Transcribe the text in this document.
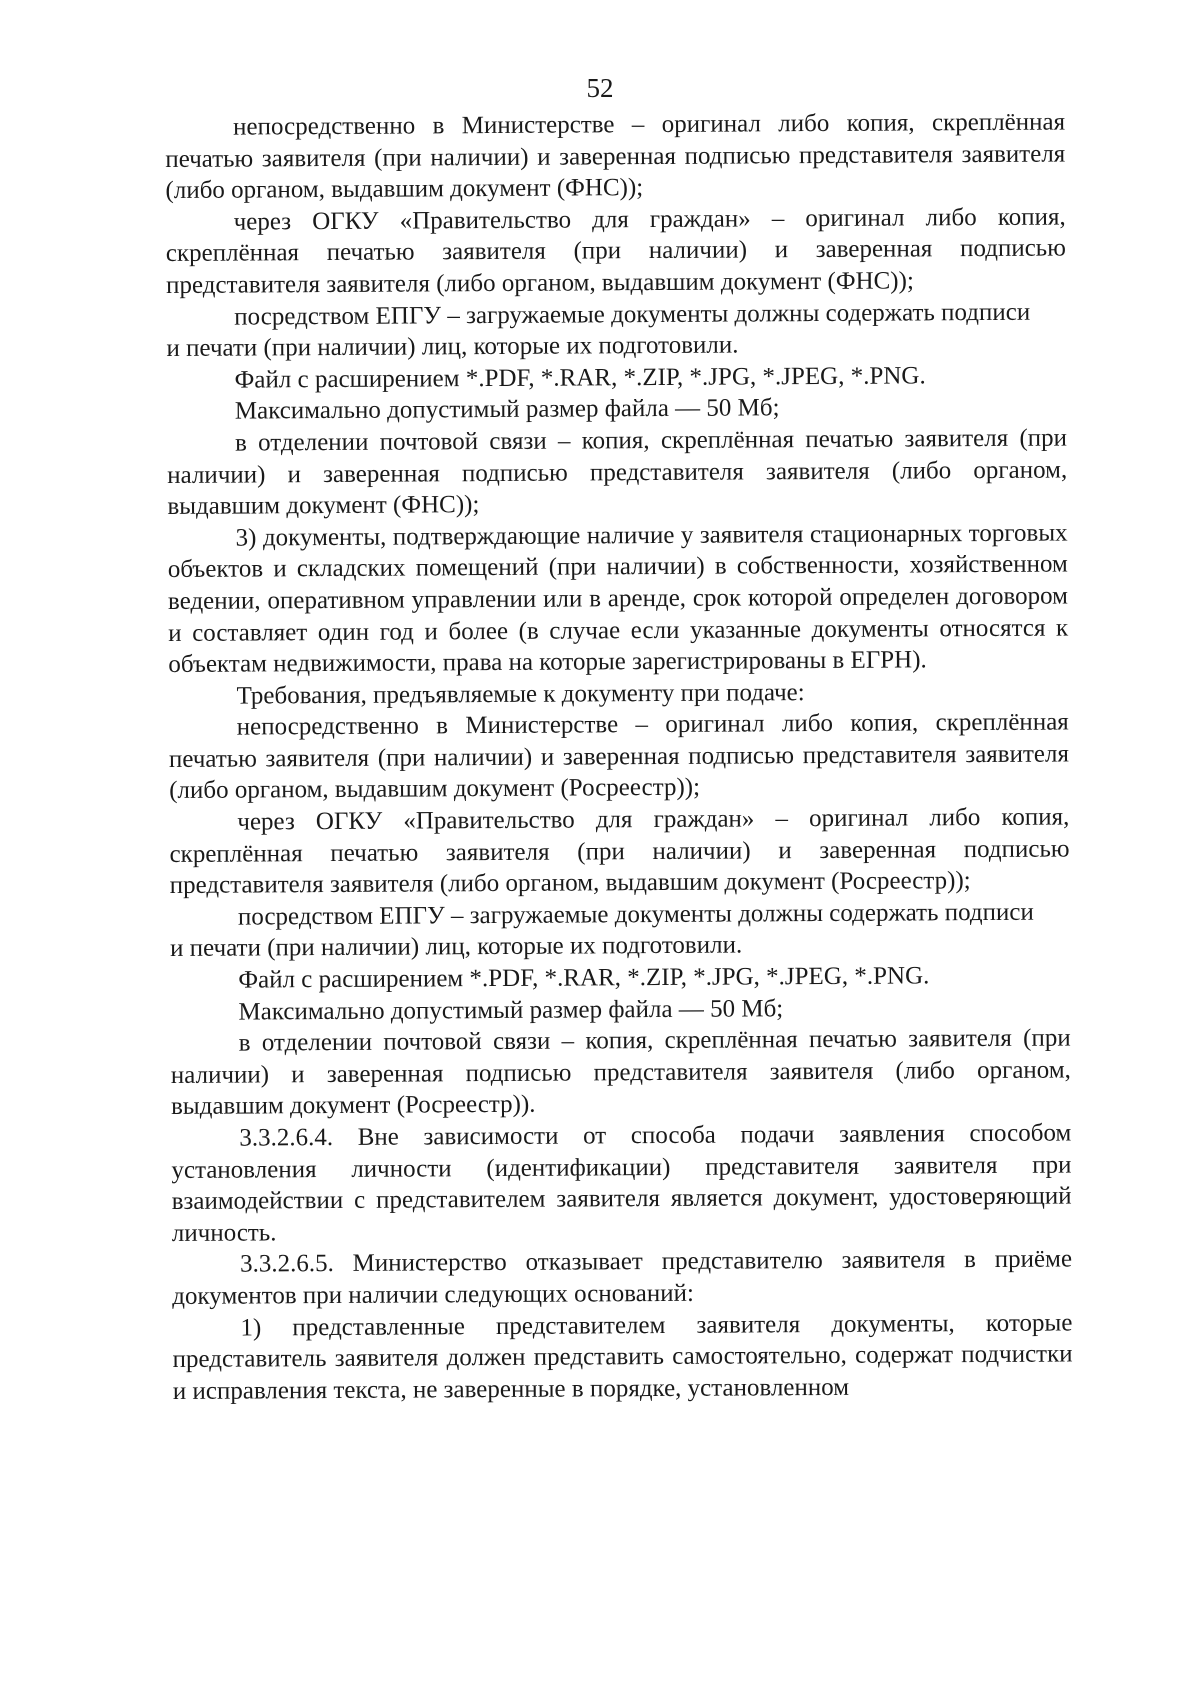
52

непосредственно в Министерстве – оригинал либо копия, скреплённая печатью заявителя (при наличии) и заверенная подписью представителя заявителя (либо органом, выдавшим документ (ФНС));

через ОГКУ «Правительство для граждан» – оригинал либо копия, скреплённая печатью заявителя (при наличии) и заверенная подписью представителя заявителя (либо органом, выдавшим документ (ФНС));

посредством ЕПГУ – загружаемые документы должны содержать подписи

и печати (при наличии) лиц, которые их подготовили.

Файл с расширением *.PDF, *.RAR, *.ZIP, *.JPG, *.JPEG, *.PNG.

Максимально допустимый размер файла — 50 Мб;

в отделении почтовой связи – копия, скреплённая печатью заявителя (при наличии) и заверенная подписью представителя заявителя (либо органом, выдавшим документ (ФНС));

3) документы, подтверждающие наличие у заявителя стационарных торговых объектов и складских помещений (при наличии) в собственности, хозяйственном ведении, оперативном управлении или в аренде, срок которой определен договором и составляет один год и более (в случае если указанные документы относятся к объектам недвижимости, права на которые зарегистрированы в ЕГРН).

Требования, предъявляемые к документу при подаче:

непосредственно в Министерстве – оригинал либо копия, скреплённая печатью заявителя (при наличии) и заверенная подписью представителя заявителя (либо органом, выдавшим документ (Росреестр));

через ОГКУ «Правительство для граждан» – оригинал либо копия, скреплённая печатью заявителя (при наличии) и заверенная подписью представителя заявителя (либо органом, выдавшим документ (Росреестр));

посредством ЕПГУ – загружаемые документы должны содержать подписи

и печати (при наличии) лиц, которые их подготовили.

Файл с расширением *.PDF, *.RAR, *.ZIP, *.JPG, *.JPEG, *.PNG.

Максимально допустимый размер файла — 50 Мб;

в отделении почтовой связи – копия, скреплённая печатью заявителя (при наличии) и заверенная подписью представителя заявителя (либо органом, выдавшим документ (Росреестр)).

3.3.2.6.4. Вне зависимости от способа подачи заявления способом установления личности (идентификации) представителя заявителя при взаимодействии с представителем заявителя является документ, удостоверяющий личность.

3.3.2.6.5. Министерство отказывает представителю заявителя в приёме документов при наличии следующих оснований:

1) представленные представителем заявителя документы, которые представитель заявителя должен представить самостоятельно, содержат подчистки и исправления текста, не заверенные в порядке, установленном
